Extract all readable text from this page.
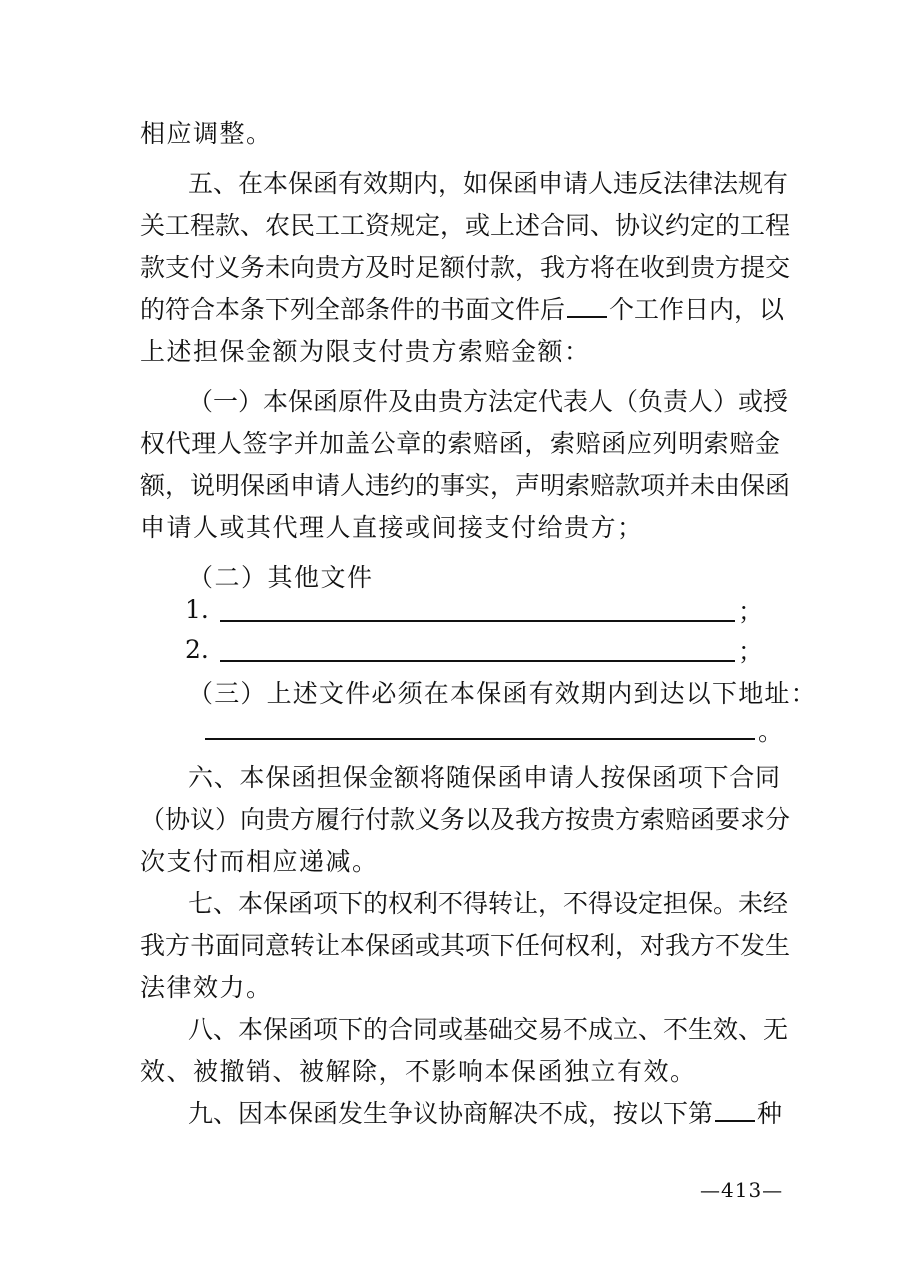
相应调整。
五、在本保函有效期内，如保函申请人违反法律法规有
关工程款、农民工工资规定，或上述合同、协议约定的工程
款支付义务未向贵方及时足额付款，我方将在收到贵方提交
的符合本条下列全部条件的书面文件后 个工作日内，以
上述担保金额为限支付贵方索赔金额：
（一）本保函原件及由贵方法定代表人（负责人）或授
权代理人签字并加盖公章的索赔函，索赔函应列明索赔金
额，说明保函申请人违约的事实，声明索赔款项并未由保函
申请人或其代理人直接或间接支付给贵方；
（二）其他文件
1.	；
2.	；
（三）上述文件必须在本保函有效期内到达以下地址：
。
六、本保函担保金额将随保函申请人按保函项下合同
（协议）向贵方履行付款义务以及我方按贵方索赔函要求分
次支付而相应递减。
七、本保函项下的权利不得转让，不得设定担保。未经
我方书面同意转让本保函或其项下任何权利，对我方不发生
法律效力。
八、本保函项下的合同或基础交易不成立、不生效、无
效、被撤销、被解除，不影响本保函独立有效。
九、因本保函发生争议协商解决不成，按以下第 种
—413—
